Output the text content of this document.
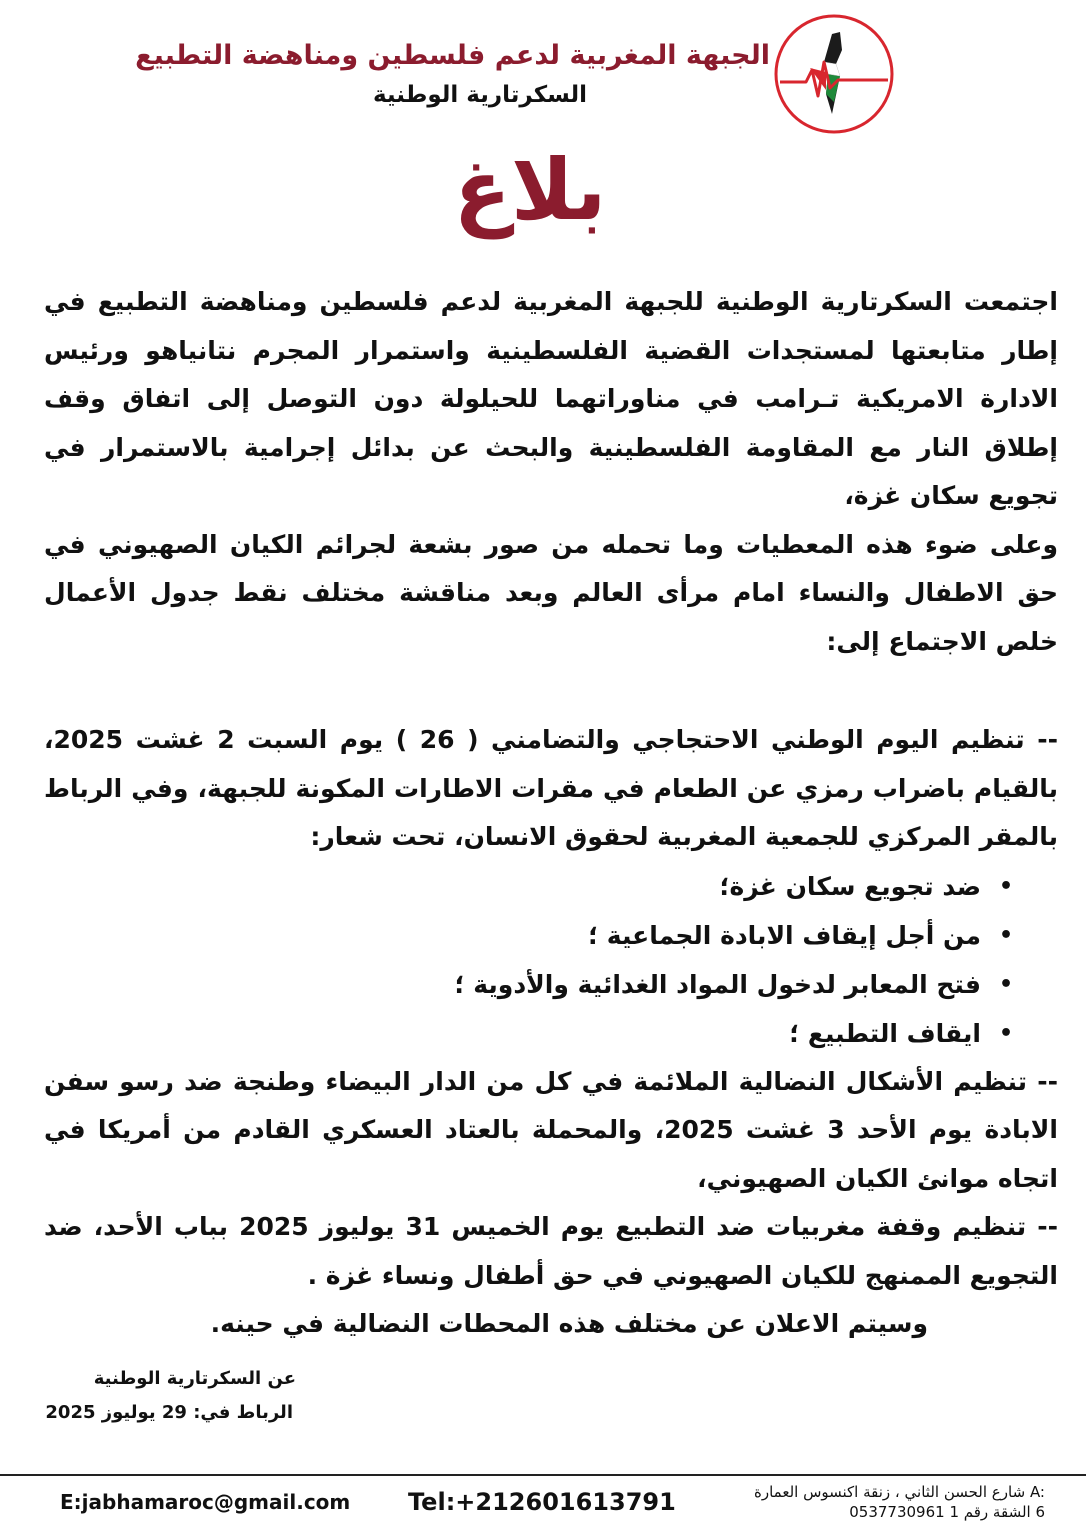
الجبهة المغربية لدعم فلسطين ومناهضة التطبيع
السكرتارية الوطنية
بلاغ

اجتمعت السكرتارية الوطنية للجبهة المغربية لدعم فلسطين ومناهضة التطبيع في إطار متابعتها لمستجدات القضية الفلسطينية واستمرار المجرم نتانياهو ورئيس الادارة الامريكية تـرامب في مناوراتهما للحيلولة دون التوصل إلى اتفاق وقف إطلاق النار مع المقاومة الفلسطينية والبحث عن بدائل إجرامية بالاستمرار في تجويع سكان غزة،

وعلى ضوء هذه المعطيات وما تحمله من صور بشعة لجرائم الكيان الصهيوني في حق الاطفال والنساء امام مرأى العالم وبعد مناقشة مختلف نقط جدول الأعمال خلص الاجتماع إلى:

-- تنظيم اليوم الوطني الاحتجاجي والتضامني ( 26 ) يوم السبت 2 غشت 2025، بالقيام باضراب رمزي عن الطعام في مقرات الاطارات المكونة للجبهة، وفي الرباط بالمقر المركزي للجمعية المغربية لحقوق الانسان، تحت شعار:

•
ضد تجويع سكان غزة؛
•
من أجل إيقاف الابادة الجماعية ؛
•
فتح المعابر لدخول المواد الغدائية والأدوية ؛
•
ايقاف التطبيع ؛

-- تنظيم الأشكال النضالية الملائمة في كل من الدار البيضاء وطنجة ضد رسو سفن الابادة يوم الأحد 3 غشت 2025، والمحملة بالعتاد العسكري القادم من أمريكا في اتجاه موانئ الكيان الصهيوني،

-- تنظيم وقفة مغربيات ضد التطبيع يوم الخميس 31 يوليوز 2025 بباب الأحد، ضد التجويع الممنهج للكيان الصهيوني في حق أطفال ونساء غزة .

وسيتم الاعلان عن مختلف هذه المحطات النضالية في حينه.

عن السكرتارية الوطنية
الرباط في: 29 يوليوز 2025
E:jabhamaroc@gmail.com Tel:+212601613791	A: شارع الحسن الثاني ، زنقة اكنسوس العمارة
6 الشقة رقم 1 0537730961
